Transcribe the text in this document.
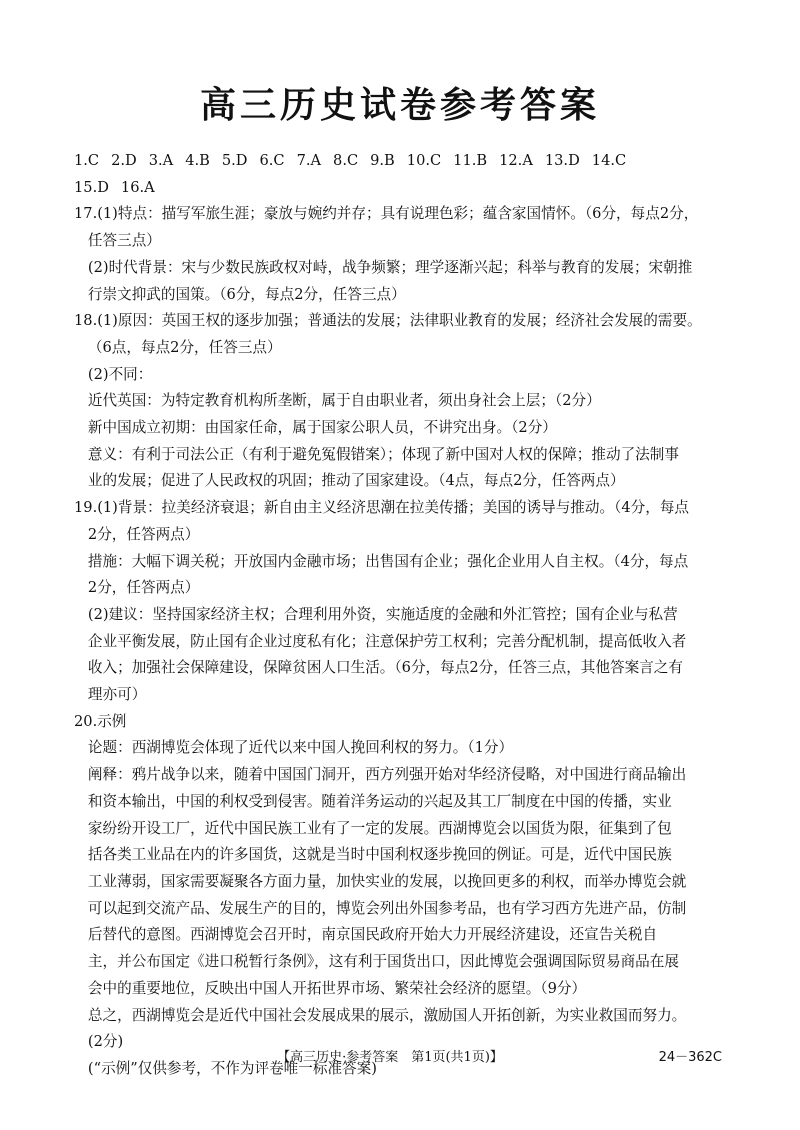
高三历史试卷参考答案
1.C 2.D 3.A 4.B 5.D 6.C 7.A 8.C 9.B 10.C 11.B 12.A 13.D 14.C
15.D 16.A
17.(1)特点：描写军旅生涯；豪放与婉约并存；具有说理色彩；蕴含家国情怀。（6分，每点2分，
任答三点）
(2)时代背景：宋与少数民族政权对峙，战争频繁；理学逐渐兴起；科举与教育的发展；宋朝推
行崇文抑武的国策。（6分，每点2分，任答三点）
18.(1)原因：英国王权的逐步加强；普通法的发展；法律职业教育的发展；经济社会发展的需要。
（6点，每点2分，任答三点）
(2)不同：
近代英国：为特定教育机构所垄断，属于自由职业者，须出身社会上层；（2分）
新中国成立初期：由国家任命，属于国家公职人员，不讲究出身。（2分）
意义：有利于司法公正（有利于避免冤假错案）；体现了新中国对人权的保障；推动了法制事
业的发展；促进了人民政权的巩固；推动了国家建设。（4点，每点2分，任答两点）
19.(1)背景：拉美经济衰退；新自由主义经济思潮在拉美传播；美国的诱导与推动。（4分，每点
2分，任答两点）
措施：大幅下调关税；开放国内金融市场；出售国有企业；强化企业用人自主权。（4分，每点
2分，任答两点）
(2)建议：坚持国家经济主权；合理利用外资，实施适度的金融和外汇管控；国有企业与私营
企业平衡发展，防止国有企业过度私有化；注意保护劳工权利；完善分配机制，提高低收入者
收入；加强社会保障建设，保障贫困人口生活。（6分，每点2分，任答三点，其他答案言之有
理亦可）
20.示例
论题：西湖博览会体现了近代以来中国人挽回利权的努力。（1分）
阐释：鸦片战争以来，随着中国国门洞开，西方列强开始对华经济侵略，对中国进行商品输出
和资本输出，中国的利权受到侵害。随着洋务运动的兴起及其工厂制度在中国的传播，实业
家纷纷开设工厂，近代中国民族工业有了一定的发展。西湖博览会以国货为限，征集到了包
括各类工业品在内的许多国货，这就是当时中国利权逐步挽回的例证。可是，近代中国民族
工业薄弱，国家需要凝聚各方面力量，加快实业的发展，以挽回更多的利权，而举办博览会就
可以起到交流产品、发展生产的目的，博览会列出外国参考品，也有学习西方先进产品，仿制
后替代的意图。西湖博览会召开时，南京国民政府开始大力开展经济建设，还宣告关税自
主，并公布国定《进口税暂行条例》，这有利于国货出口，因此博览会强调国际贸易商品在展
会中的重要地位，反映出中国人开拓世界市场、繁荣社会经济的愿望。（9分）
总之，西湖博览会是近代中国社会发展成果的展示，激励国人开拓创新，为实业救国而努力。
(2分)
(“示例”仅供参考，不作为评卷唯一标准答案)
【高三历史·参考答案　第1页(共1页)】	24－362C
